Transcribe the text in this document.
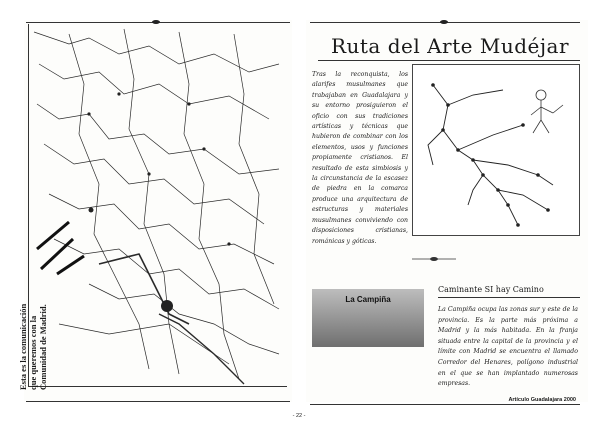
Esta es la comunicación que queremos con la Comunidad de Madrid.
Ruta del Arte Mudéjar
Tras la reconquista, los alarifes musulmanes que trabajaban en Guadalajara y su entorno prosiguieron el oficio con sus tradiciones artísticas y técnicas que hubieron de combinar con los elementos, usos y funciones propiamente cristianos. El resultado de esta simbiosis y la circunstancia de la escasez de piedra en la comarca produce una arquitectura de estructuras y materiales musulmanes conviviendo con disposiciones cristianas, románicas y góticas.
La Campiña
Caminante SI hay Camino
La Campiña ocupa las zonas sur y este de la provincia. Es la parte más próxima a Madrid y la más habitada. En la franja situada entre la capital de la provincia y el límite con Madrid se encuentra el llamado Corredor del Henares, polígono industrial en el que se han implantado numerosas empresas.
Artículo Guadalajara 2000
- 22 -
